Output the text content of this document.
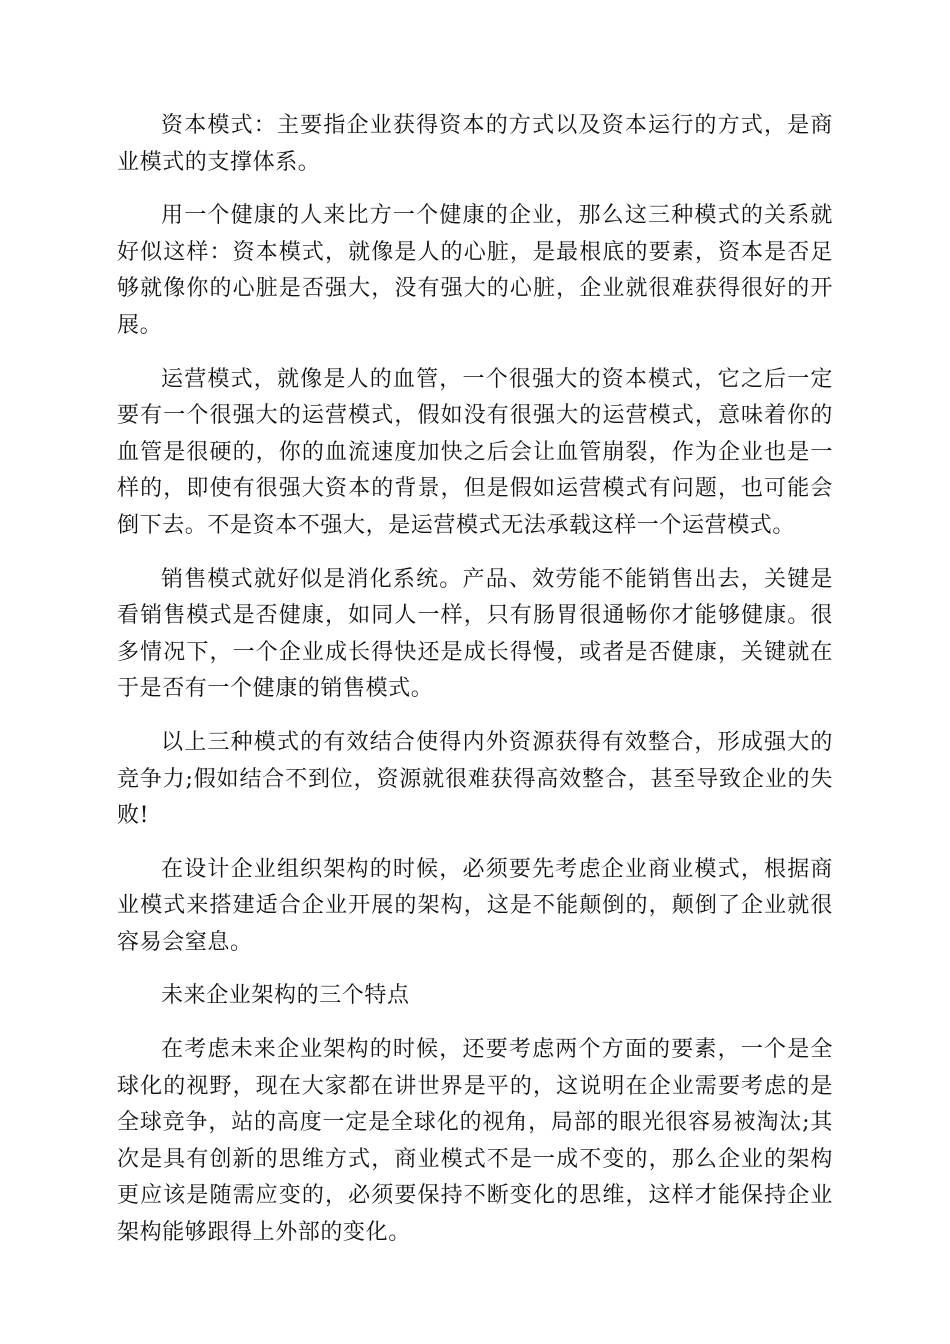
资本模式：主要指企业获得资本的方式以及资本运行的方式，是商业模式的支撑体系。

用一个健康的人来比方一个健康的企业，那么这三种模式的关系就好似这样：资本模式，就像是人的心脏，是最根底的要素，资本是否足够就像你的心脏是否强大，没有强大的心脏，企业就很难获得很好的开展。

运营模式，就像是人的血管，一个很强大的资本模式，它之后一定要有一个很强大的运营模式，假如没有很强大的运营模式，意味着你的血管是很硬的，你的血流速度加快之后会让血管崩裂，作为企业也是一样的，即使有很强大资本的背景，但是假如运营模式有问题，也可能会倒下去。不是资本不强大，是运营模式无法承载这样一个运营模式。

销售模式就好似是消化系统。产品、效劳能不能销售出去，关键是看销售模式是否健康，如同人一样，只有肠胃很通畅你才能够健康。很多情况下，一个企业成长得快还是成长得慢，或者是否健康，关键就在于是否有一个健康的销售模式。

以上三种模式的有效结合使得内外资源获得有效整合，形成强大的竞争力;假如结合不到位，资源就很难获得高效整合，甚至导致企业的失败!

在设计企业组织架构的时候，必须要先考虑企业商业模式，根据商业模式来搭建适合企业开展的架构，这是不能颠倒的，颠倒了企业就很容易会窒息。

未来企业架构的三个特点

在考虑未来企业架构的时候，还要考虑两个方面的要素，一个是全球化的视野，现在大家都在讲世界是平的，这说明在企业需要考虑的是全球竞争，站的高度一定是全球化的视角，局部的眼光很容易被淘汰;其次是具有创新的思维方式，商业模式不是一成不变的，那么企业的架构更应该是随需应变的，必须要保持不断变化的思维，这样才能保持企业架构能够跟得上外部的变化。
